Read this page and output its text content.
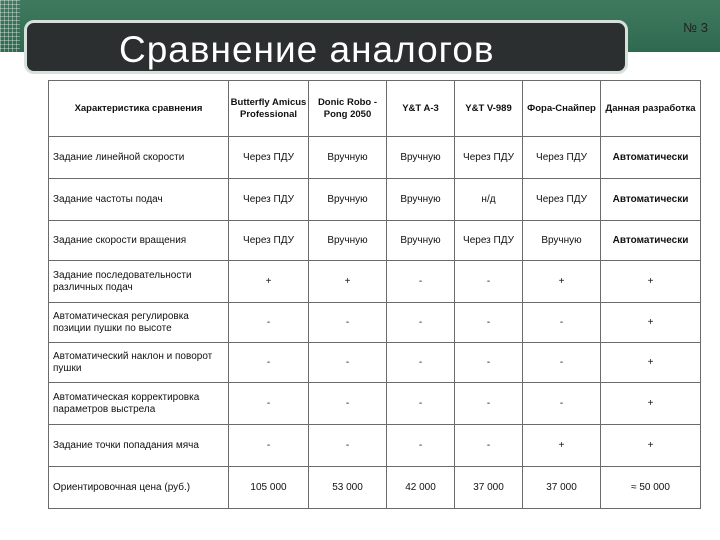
Сравнение аналогов
№ 3
Характеристика сравнения	Butterfly Amicus Professional	Donic Robo -Pong 2050	Y&T A-3	Y&T V-989	Фора-Снайпер	Данная разработка
Задание линейной скорости	Через ПДУ	Вручную	Вручную	Через ПДУ	Через ПДУ	Автоматически
Задание частоты подач	Через ПДУ	Вручную	Вручную	н/д	Через ПДУ	Автоматически
Задание скорости вращения	Через ПДУ	Вручную	Вручную	Через ПДУ	Вручную	Автоматически
Задание последовательности различных подач	+	+	-	-	+	+
Автоматическая регулировка позиции пушки по высоте	-	-	-	-	-	+
Автоматический наклон и поворот пушки	-	-	-	-	-	+
Автоматическая корректировка параметров выстрела	-	-	-	-	-	+
Задание точки попадания мяча	-	-	-	-	+	+
Ориентировочная цена (руб.)	105 000	53 000	42 000	37 000	37 000	≈ 50 000
